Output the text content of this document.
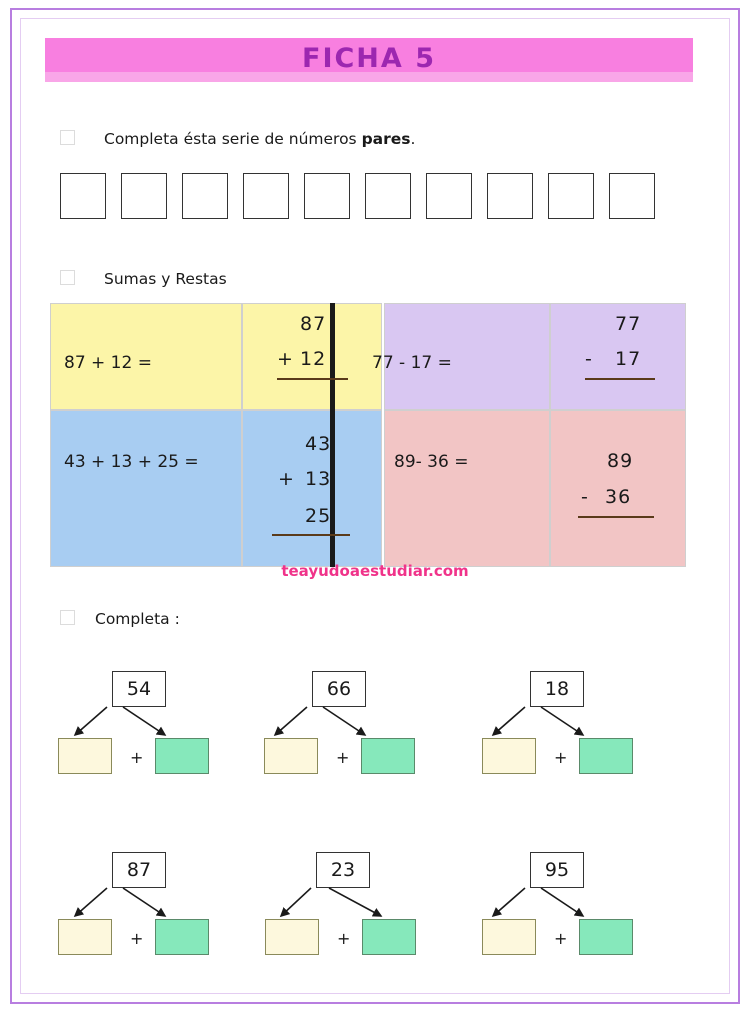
FICHA 5
Completa ésta serie de números pares.
Sumas y Restas
87 + 12 =
87
+ 12	77 - 17 =
77
- 17
43 + 13 + 25 =
43
+ 13
25
89- 36 =	89
- 36
teayudoaestudiar.com
Completa :
54
+
66
+
18
+
87
+
23
+
95
+
